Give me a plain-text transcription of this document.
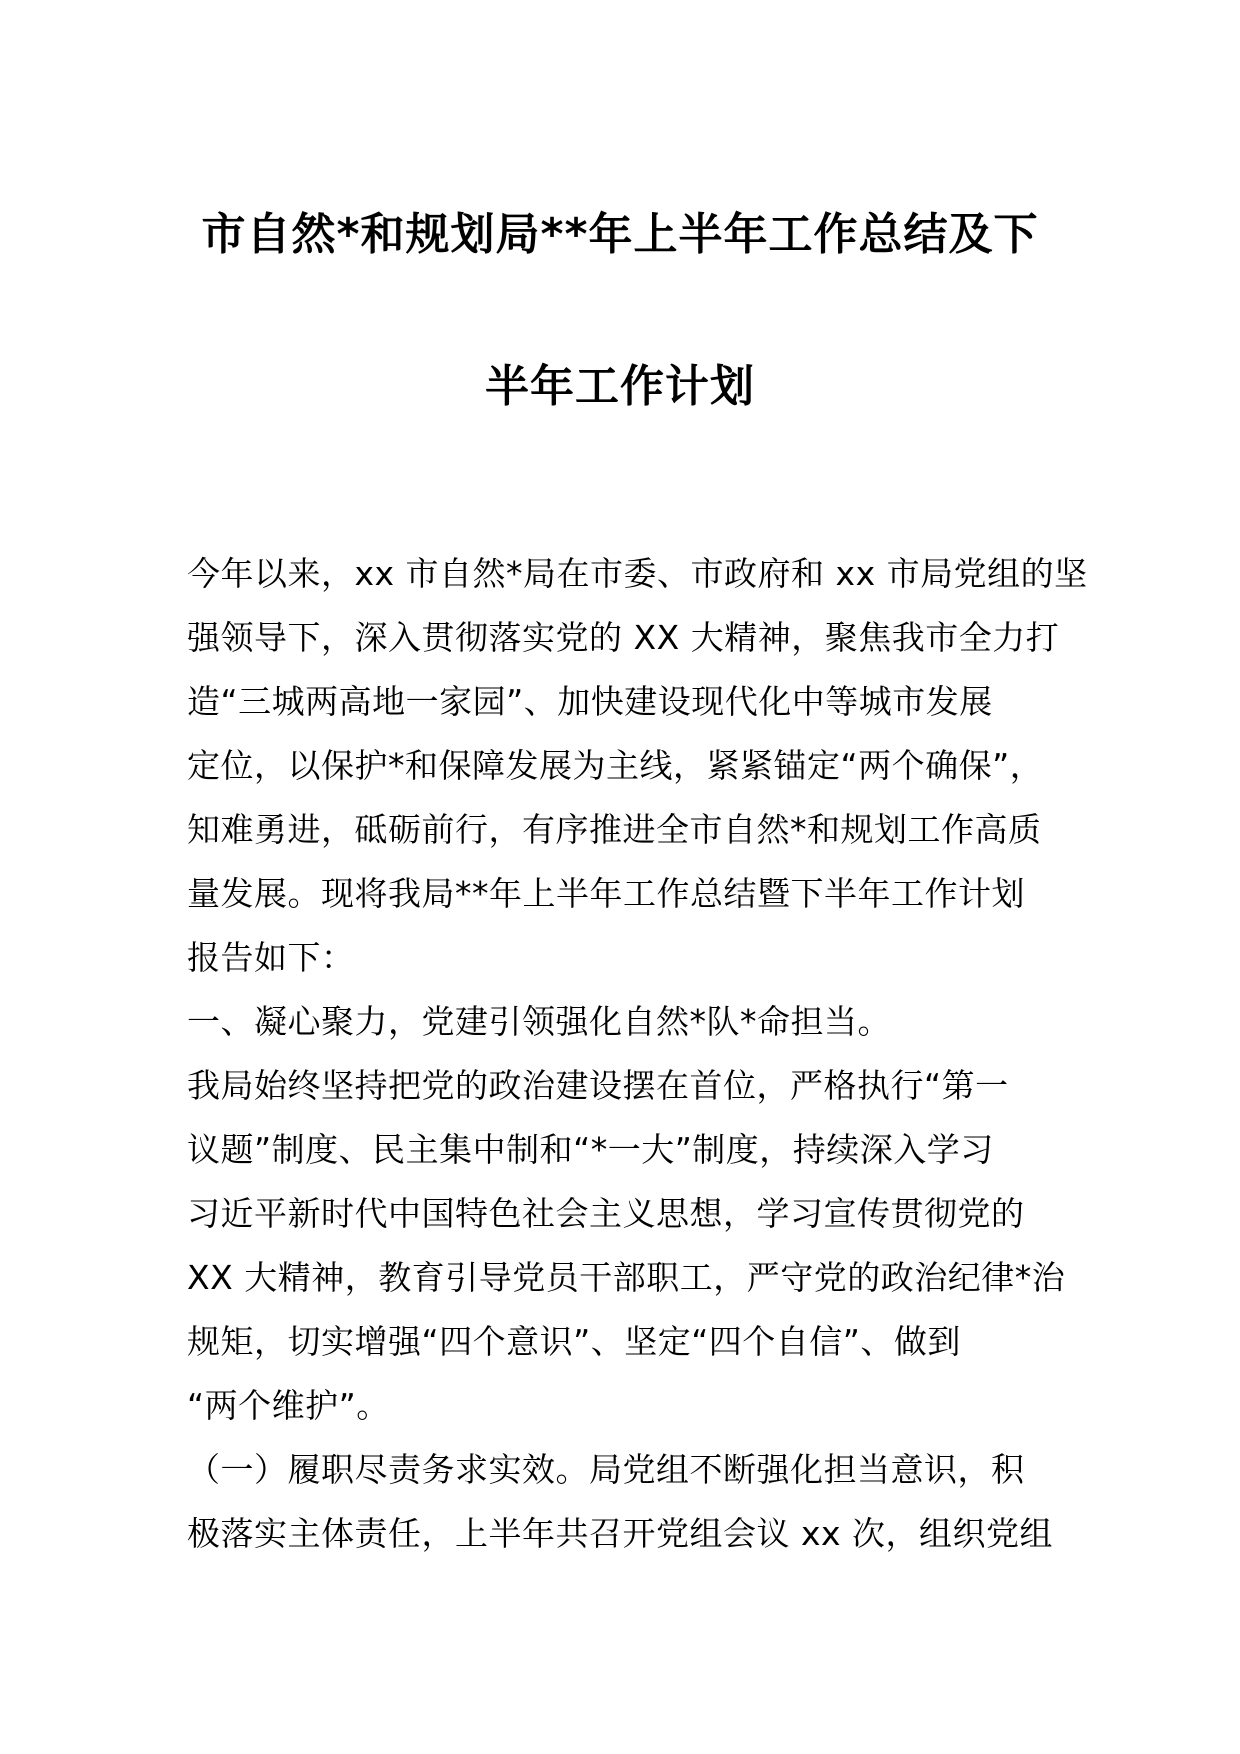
市自然*和规划局**年上半年工作总结及下
半年工作计划
今年以来，xx 市自然*局在市委、市政府和 xx 市局党组的坚
强领导下，深入贯彻落实党的 XX 大精神，聚焦我市全力打
造“三城两高地一家园”、加快建设现代化中等城市发展
定位，以保护*和保障发展为主线，紧紧锚定“两个确保”，
知难勇进，砥砺前行，有序推进全市自然*和规划工作高质
量发展。现将我局**年上半年工作总结暨下半年工作计划
报告如下：
一、凝心聚力，党建引领强化自然*队*命担当。
我局始终坚持把党的政治建设摆在首位，严格执行“第一
议题”制度、民主集中制和“*一大”制度，持续深入学习
习近平新时代中国特色社会主义思想，学习宣传贯彻党的
XX 大精神，教育引导党员干部职工，严守党的政治纪律*治
规矩，切实增强“四个意识”、坚定“四个自信”、做到
“两个维护”。
（一）履职尽责务求实效。局党组不断强化担当意识，积
极落实主体责任，上半年共召开党组会议 xx 次，组织党组
